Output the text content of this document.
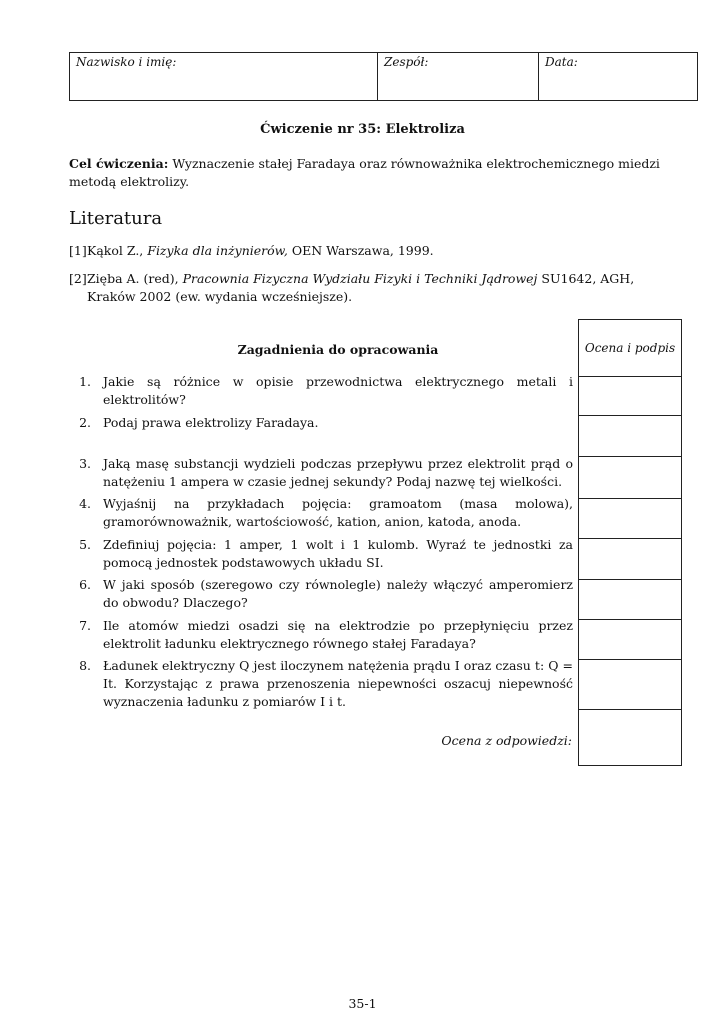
Nazwisko i imię:	Zespół:	Data:
Ćwiczenie nr 35: Elektroliza
Cel ćwiczenia: Wyznaczenie stałej Faradaya oraz równoważnika elektrochemicznego miedzi metodą elektrolizy.
Literatura
[1] Kąkol Z., Fizyka dla inżynierów, OEN Warszawa, 1999.
[2] Zięba A. (red), Pracownia Fizyczna Wydziału Fizyki i Techniki Jądrowej SU1642, AGH, Kraków 2002 (ew. wydania wcześniejsze).
Ocena i podpis
Zagadnienia do opracowania
1. Jakie są różnice w opisie przewodnictwa elektrycznego metali i elektrolitów?
2. Podaj prawa elektrolizy Faradaya.
3. Jaką masę substancji wydzieli podczas przepływu przez elektrolit prąd o natężeniu 1 ampera w czasie jednej sekundy? Podaj nazwę tej wielkości.
4. Wyjaśnij na przykładach pojęcia: gramoatom (masa molowa), gramorównoważnik, wartościowość, kation, anion, katoda, anoda.
5. Zdefiniuj pojęcia: 1 amper, 1 wolt i 1 kulomb. Wyraź te jednostki za pomocą jednostek podstawowych układu SI.
6. W jaki sposób (szeregowo czy równolegle) należy włączyć amperomierz do obwodu? Dlaczego?
7. Ile atomów miedzi osadzi się na elektrodzie po przepłynięciu przez elektrolit ładunku elektrycznego równego stałej Faradaya?
8. Ładunek elektryczny Q jest iloczynem natężenia prądu I oraz czasu t: Q = It. Korzystając z prawa przenoszenia niepewności oszacuj niepewność wyznaczenia ładunku z pomiarów I i t.
Ocena z odpowiedzi:
35-1
